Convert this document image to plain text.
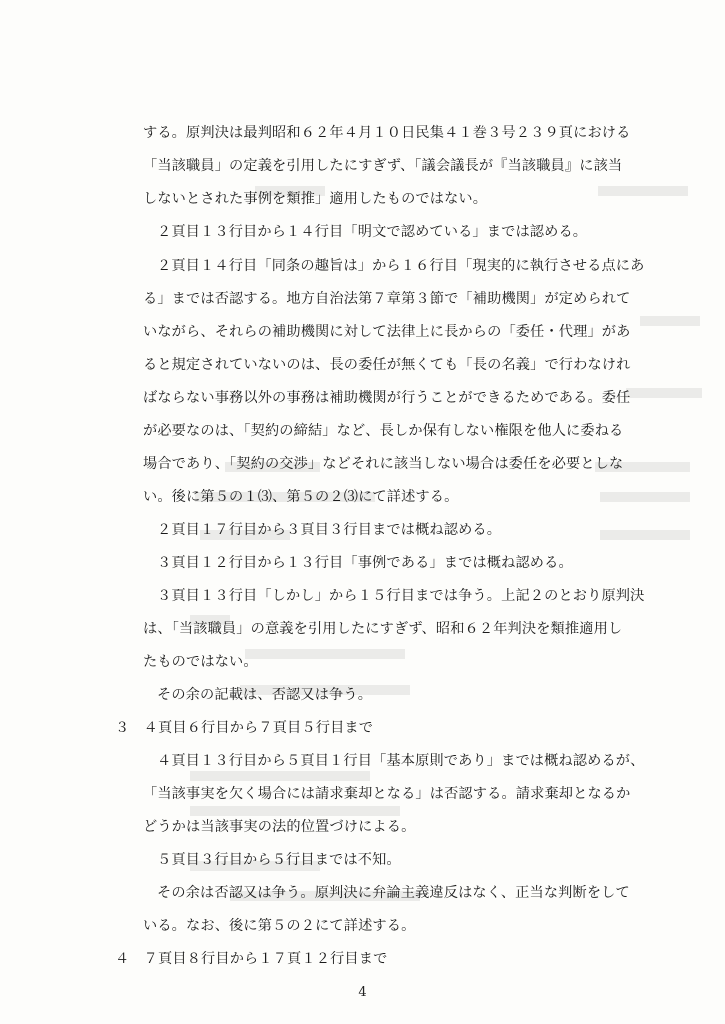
する。原判決は最判昭和６２年４月１０日民集４１巻３号２３９頁における
「当該職員」の定義を引用したにすぎず、「議会議長が『当該職員』に該当
しないとされた事例を類推」適用したものではない。
２頁目１３行目から１４行目「明文で認めている」までは認める。
２頁目１４行目「同条の趣旨は」から１６行目「現実的に執行させる点にあ
る」までは否認する。地方自治法第７章第３節で「補助機関」が定められて
いながら、それらの補助機関に対して法律上に長からの「委任・代理」があ
ると規定されていないのは、長の委任が無くても「長の名義」で行わなけれ
ばならない事務以外の事務は補助機関が行うことができるためである。委任
が必要なのは、「契約の締結」など、長しか保有しない権限を他人に委ねる
場合であり、「契約の交渉」などそれに該当しない場合は委任を必要としな
い。後に第５の１⑶、第５の２⑶にて詳述する。
２頁目１７行目から３頁目３行目までは概ね認める。
３頁目１２行目から１３行目「事例である」までは概ね認める。
３頁目１３行目「しかし」から１５行目までは争う。上記２のとおり原判決
は、「当該職員」の意義を引用したにすぎず、昭和６２年判決を類推適用し
たものではない。
その余の記載は、否認又は争う。
３　４頁目６行目から７頁目５行目まで
４頁目１３行目から５頁目１行目「基本原則であり」までは概ね認めるが、
「当該事実を欠く場合には請求棄却となる」は否認する。請求棄却となるか
どうかは当該事実の法的位置づけによる。
５頁目３行目から５行目までは不知。
その余は否認又は争う。原判決に弁論主義違反はなく、正当な判断をして
いる。なお、後に第５の２にて詳述する。
４　７頁目８行目から１７頁１２行目まで
4
